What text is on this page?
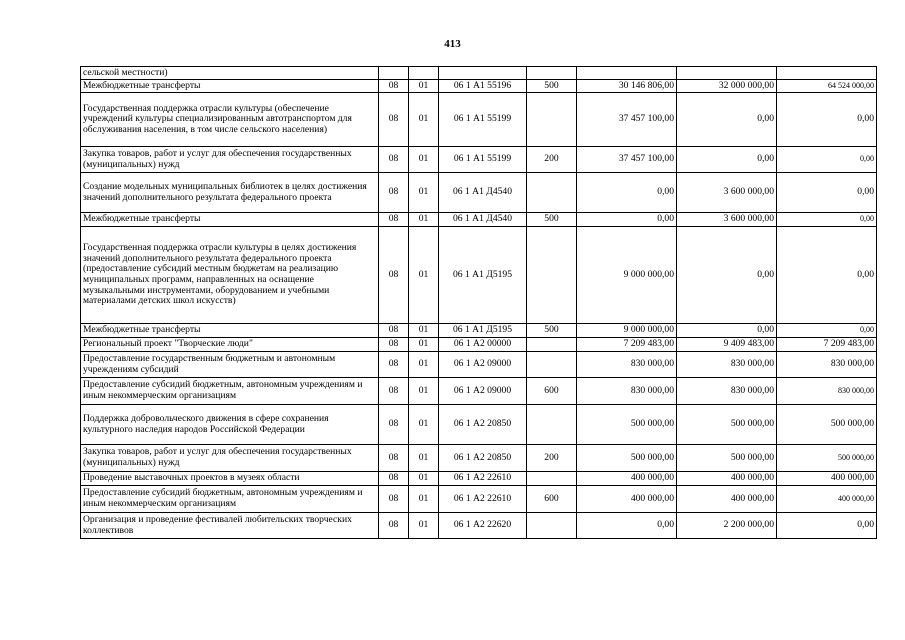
413
сельской местности)							
Межбюджетные трансферты	08	01	06 1 А1 55196	500	30 146 806,00	32 000 000,00	64 524 000,00
Государственная поддержка отрасли культуры (обеспечение учреждений культуры специализированным автотранспортом для обслуживания населения, в том числе сельского населения)	08	01	06 1 А1 55199		37 457 100,00	0,00	0,00
Закупка товаров, работ и услуг для обеспечения государственных (муниципальных) нужд	08	01	06 1 А1 55199	200	37 457 100,00	0,00	0,00
Создание модельных муниципальных библиотек в целях достижения значений дополнительного результата федерального проекта	08	01	06 1 А1 Д4540		0,00	3 600 000,00	0,00
Межбюджетные трансферты	08	01	06 1 А1 Д4540	500	0,00	3 600 000,00	0,00
Государственная поддержка отрасли культуры в целях достижения значений дополнительного результата федерального проекта (предоставление субсидий местным бюджетам на реализацию муниципальных программ, направленных на оснащение музыкальными инструментами, оборудованием и учебными материалами детских школ искусств)	08	01	06 1 А1 Д5195		9 000 000,00	0,00	0,00
Межбюджетные трансферты	08	01	06 1 А1 Д5195	500	9 000 000,00	0,00	0,00
Региональный проект "Творческие люди"	08	01	06 1 А2 00000		7 209 483,00	9 409 483,00	7 209 483,00
Предоставление государственным бюджетным и автономным учреждениям субсидий	08	01	06 1 А2 09000		830 000,00	830 000,00	830 000,00
Предоставление субсидий бюджетным, автономным учреждениям и иным некоммерческим организациям	08	01	06 1 А2 09000	600	830 000,00	830 000,00	830 000,00
Поддержка добровольческого движения в сфере сохранения культурного наследия народов Российской Федерации	08	01	06 1 А2 20850		500 000,00	500 000,00	500 000,00
Закупка товаров, работ и услуг для обеспечения государственных (муниципальных) нужд	08	01	06 1 А2 20850	200	500 000,00	500 000,00	500 000,00
Проведение выставочных проектов в музеях области	08	01	06 1 А2 22610		400 000,00	400 000,00	400 000,00
Предоставление субсидий бюджетным, автономным учреждениям и иным некоммерческим организациям	08	01	06 1 А2 22610	600	400 000,00	400 000,00	400 000,00
Организация и проведение фестивалей любительских творческих коллективов	08	01	06 1 А2 22620		0,00	2 200 000,00	0,00
